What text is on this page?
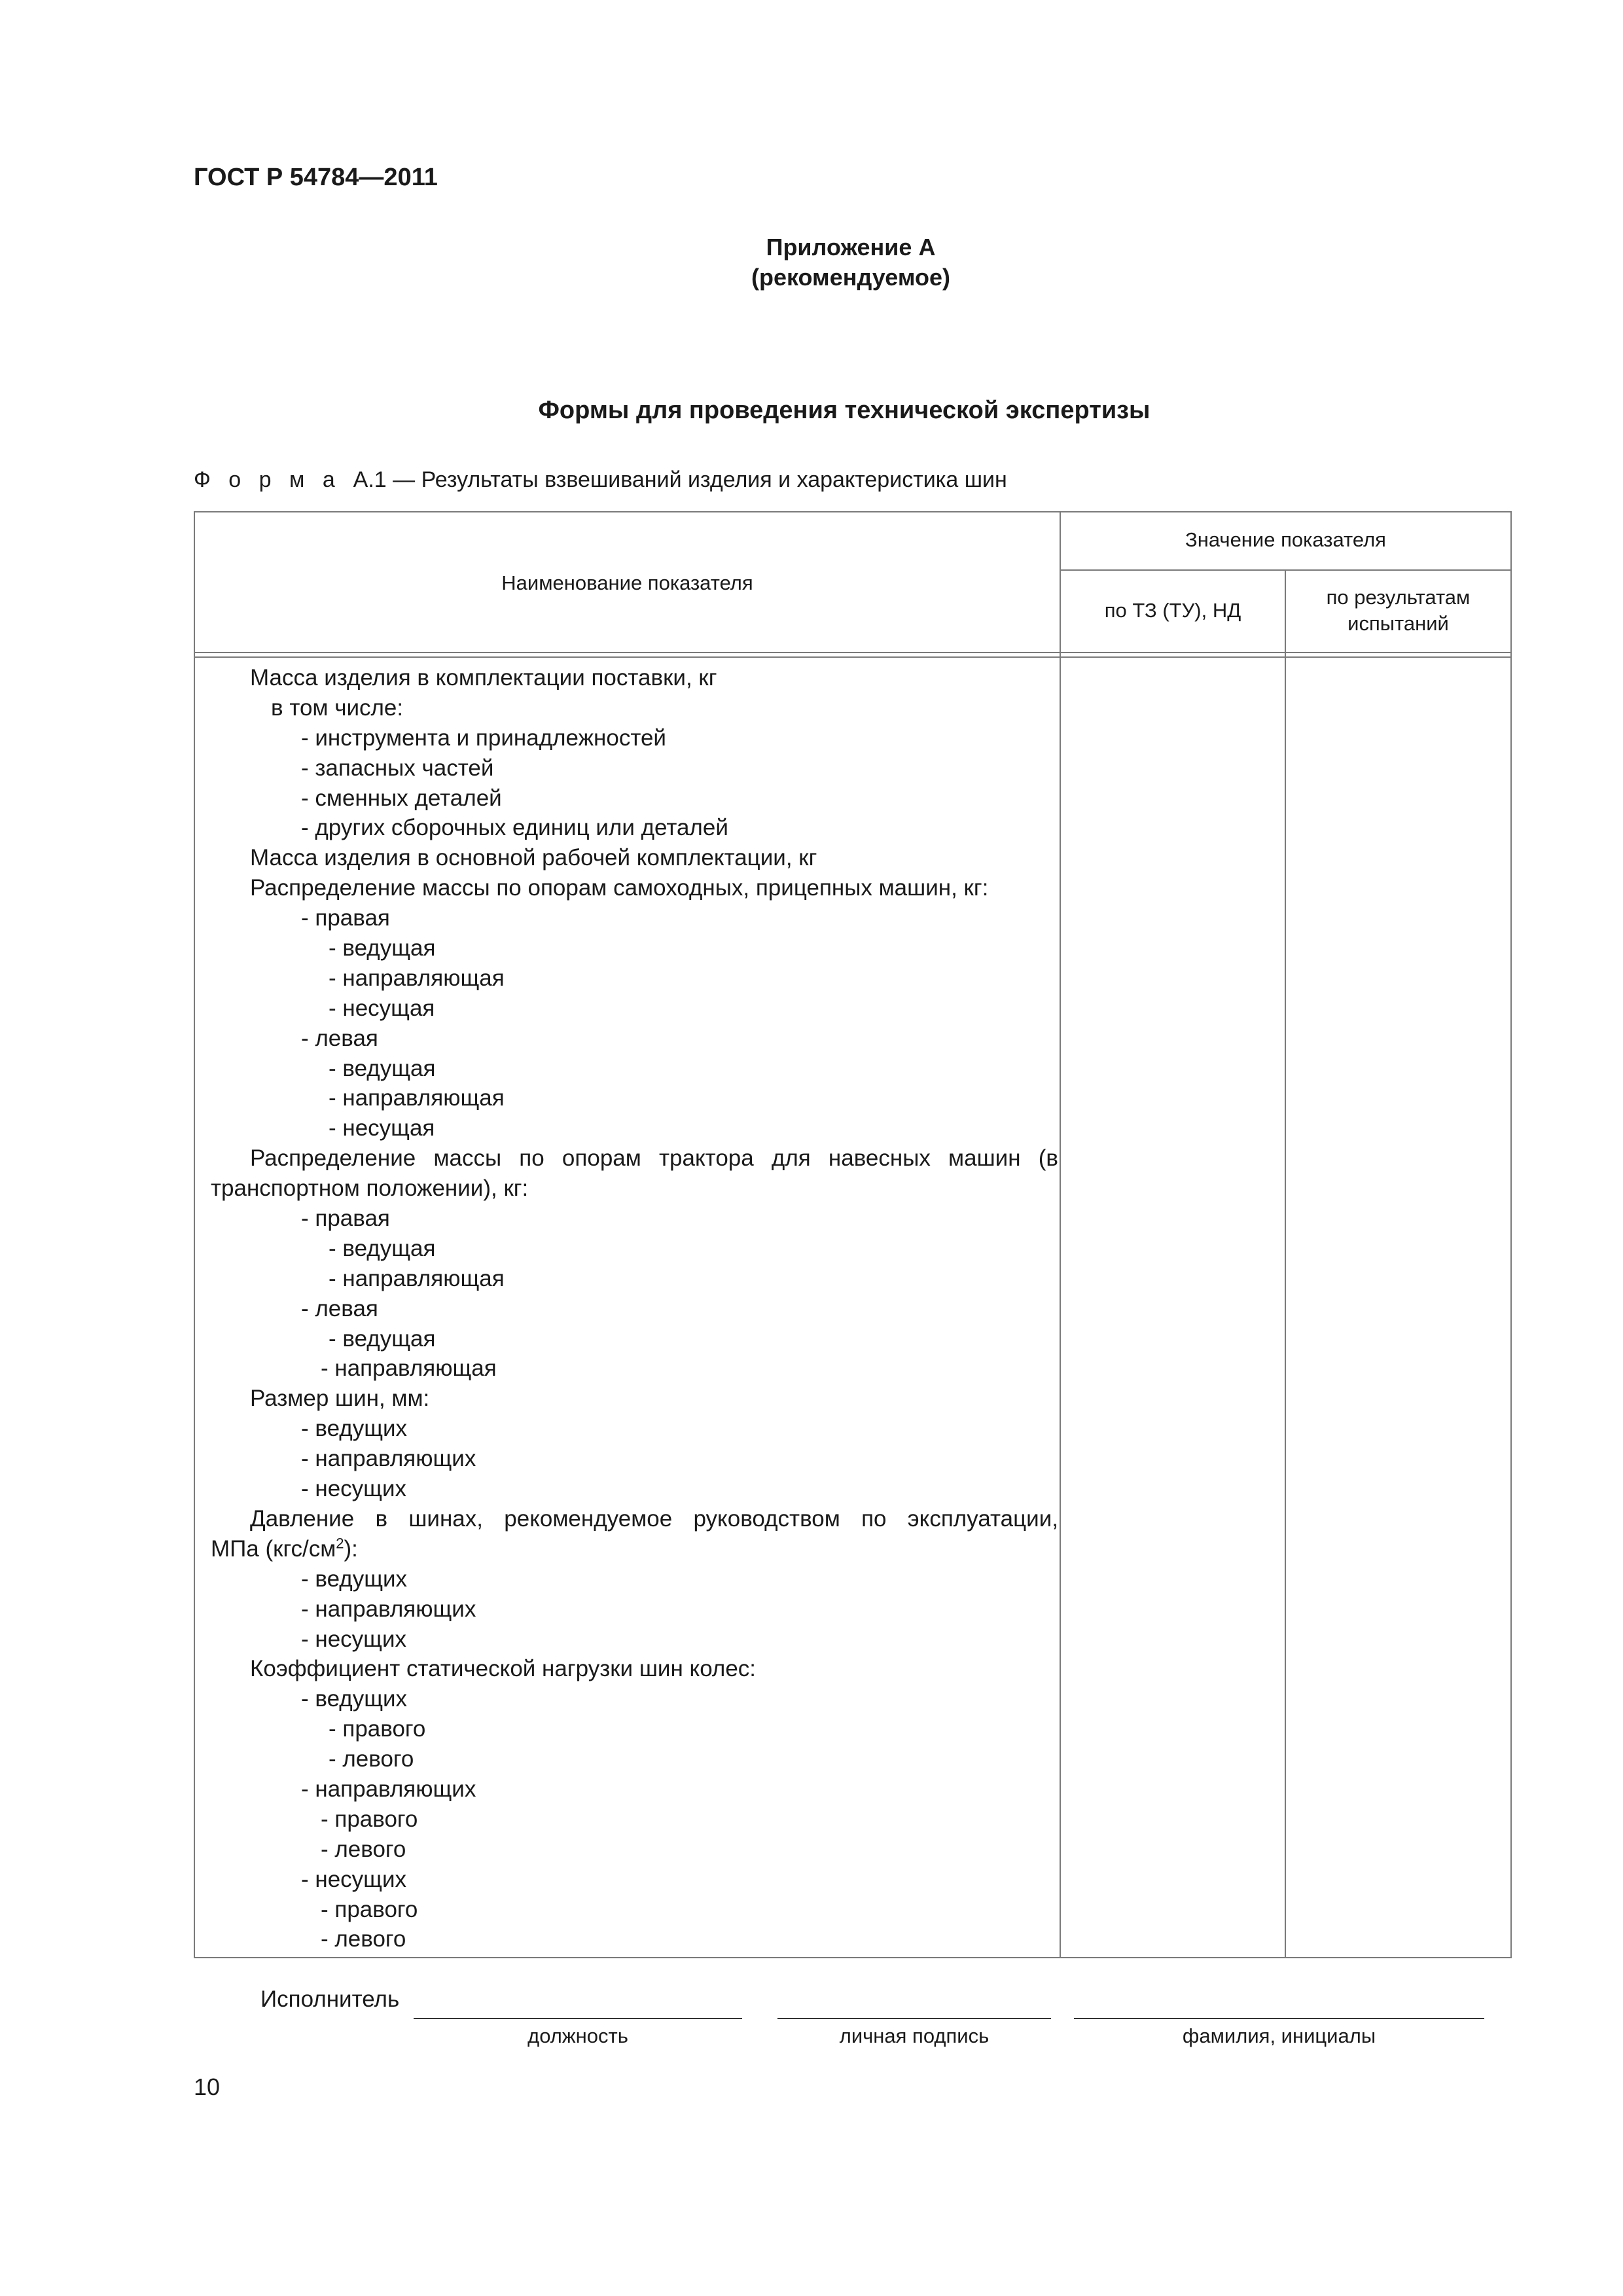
ГОСТ Р 54784—2011
Приложение А
(рекомендуемое)
Формы для проведения технической экспертизы
Ф о р м а А.1 — Результаты взвешиваний изделия и характеристика шин
Наименование показателя
Значение показателя
по ТЗ (ТУ), НД
по результатам
испытаний
Масса изделия в комплектации поставки, кг
в том числе:
- инструмента и принадлежностей
- запасных частей
- сменных деталей
- других сборочных единиц или деталей
Масса изделия в основной рабочей комплектации, кг
Распределение массы по опорам самоходных, прицепных машин, кг:
- правая
- ведущая
- направляющая
- несущая
- левая
- ведущая
- направляющая
- несущая
Распределение массы по опорам трактора для навесных машин (в
транспортном положении), кг:
- правая
- ведущая
- направляющая
- левая
- ведущая
- направляющая
Размер шин, мм:
- ведущих
- направляющих
- несущих
Давление в шинах, рекомендуемое руководством по эксплуатации,
МПа $(кгс/см^2)$:
- ведущих
- направляющих
- несущих
Коэффициент статической нагрузки шин колес:
- ведущих
- правого
- левого
- направляющих
- правого
- левого
- несущих
- правого
- левого
Исполнитель
должность	личная подпись	фамилия, инициалы
10
